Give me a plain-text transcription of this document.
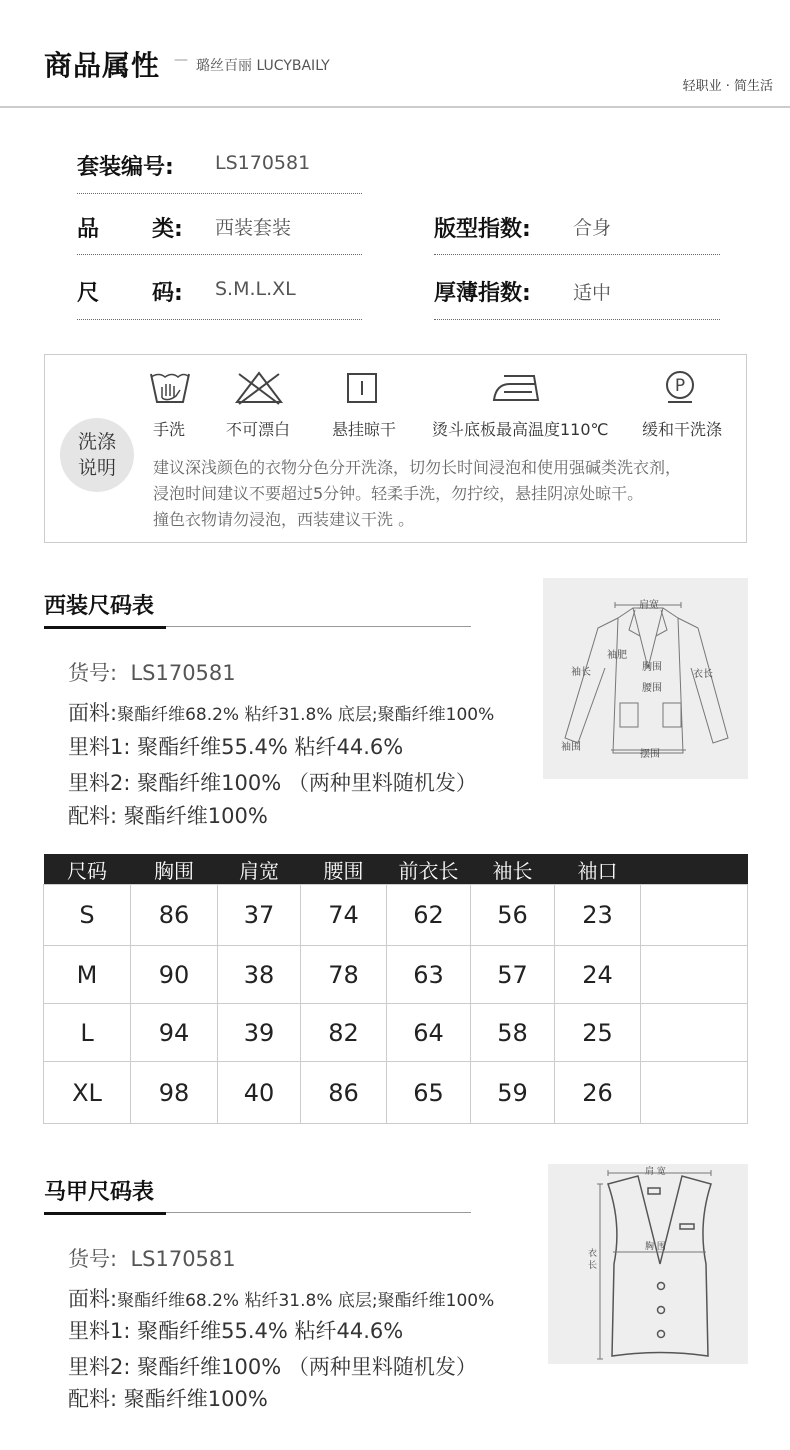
商品属性 — 璐丝百丽 LUCYBAILY
轻职业 · 简生活
套装编号: LS170581
品 类: 西装套装
尺 码: S.M.L.XL
版型指数: 合身
厚薄指数: 适中
洗涤
说明
P
手洗	不可漂白	悬挂晾干 烫斗底板最高温度110℃ 缓和干洗涤
建议深浅颜色的衣物分色分开洗涤，切勿长时间浸泡和使用强碱类洗衣剂，
浸泡时间建议不要超过5分钟。轻柔手洗，勿拧绞，悬挂阴凉处晾干。
撞色衣物请勿浸泡，西装建议干洗 。
西装尺码表
货号: LS170581
面料:聚酯纤维68.2% 粘纤31.8% 底层;聚酯纤维100%
里料1: 聚酯纤维55.4% 粘纤44.6%
里料2: 聚酯纤维100% （两种里料随机发）
配料: 聚酯纤维100%
肩宽
袖肥
胸围
袖长	衣长
腰围
袖围
摆围
尺码	胸围	肩宽	腰围	前衣长	袖长	袖口	
S	86	37	74	62	56	23	
M	90	38	78	63	57	24	
L	94	39	82	64	58	25	
XL	98	40	86	65	59	26	
马甲尺码表
货号: LS170581
面料:聚酯纤维68.2% 粘纤31.8% 底层;聚酯纤维100%
里料1: 聚酯纤维55.4% 粘纤44.6%
里料2: 聚酯纤维100% （两种里料随机发）
配料: 聚酯纤维100%
肩 宽
胸 围
衣
长
